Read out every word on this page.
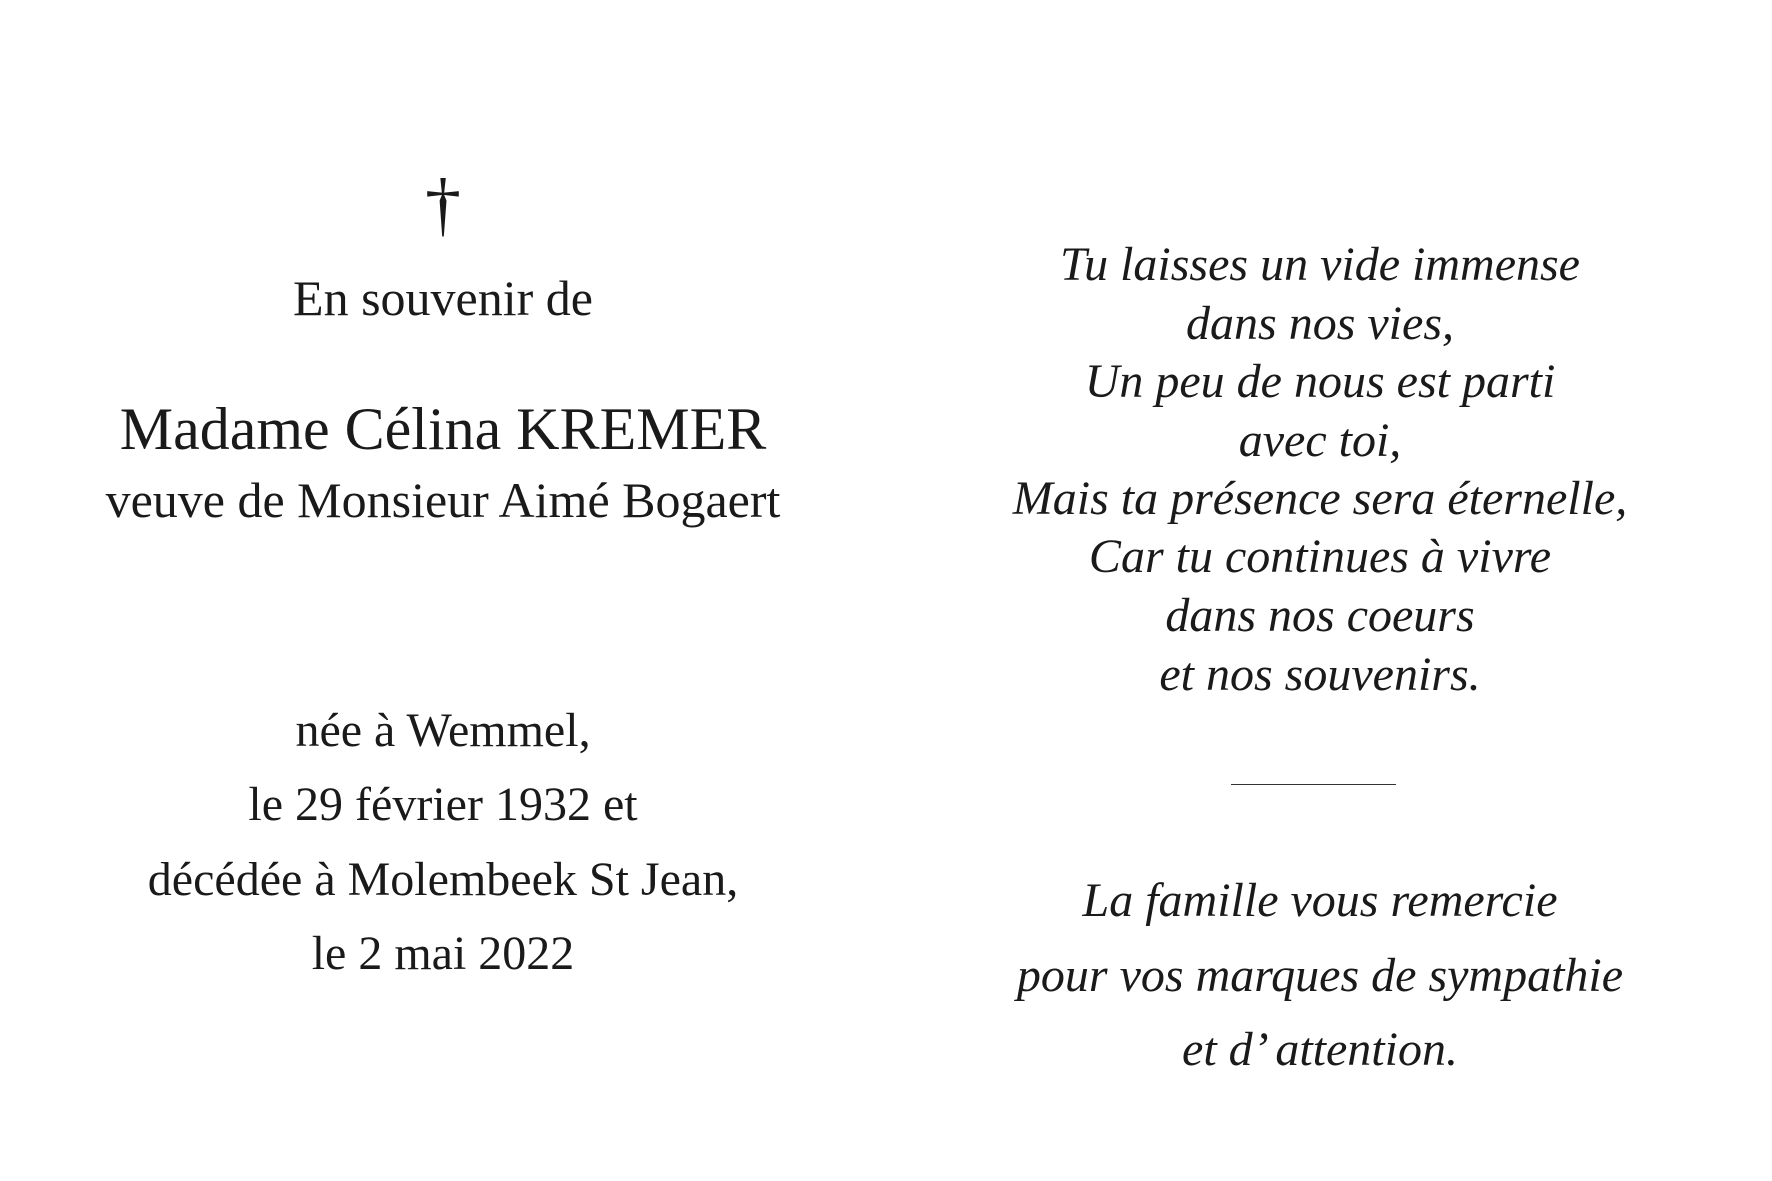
†
En souvenir de
Madame Célina KREMER
veuve de Monsieur Aimé Bogaert
née à Wemmel,
le 29 février 1932 et
décédée à Molembeek St Jean,
le 2 mai 2022
Tu laisses un vide immense
dans nos vies,
Un peu de nous est parti
avec toi,
Mais ta présence sera éternelle,
Car tu continues à vivre
dans nos coeurs
et nos souvenirs.
La famille vous remercie
pour vos marques de sympathie
et d’ attention.
